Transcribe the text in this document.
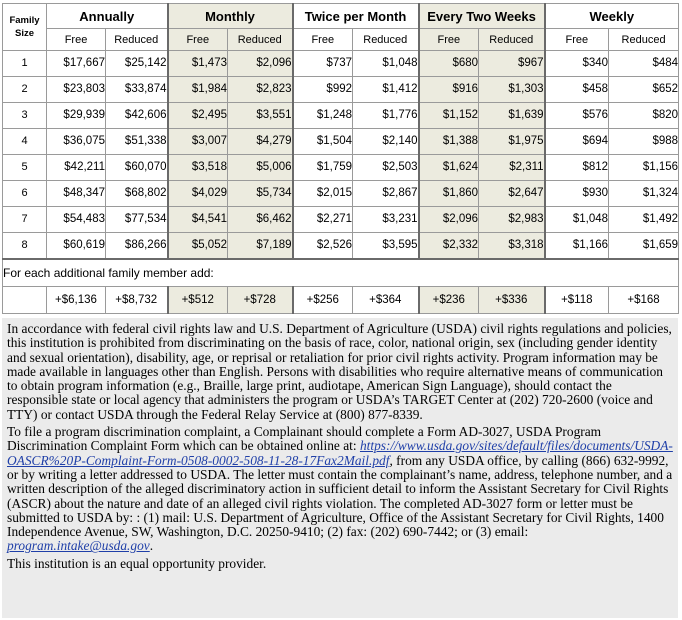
Family
Size	Annually		Monthly		Twice per Month		Every Two Weeks		Weekly	
	Free	Reduced	Free	Reduced	Free	Reduced	Free	Reduced	Free	Reduced
1	$17,667	$25,142	$1,473	$2,096	$737	$1,048	$680	$967	$340	$484
2	$23,803	$33,874	$1,984	$2,823	$992	$1,412	$916	$1,303	$458	$652
3	$29,939	$42,606	$2,495	$3,551	$1,248	$1,776	$1,152	$1,639	$576	$820
4	$36,075	$51,338	$3,007	$4,279	$1,504	$2,140	$1,388	$1,975	$694	$988
5	$42,211	$60,070	$3,518	$5,006	$1,759	$2,503	$1,624	$2,311	$812	$1,156
6	$48,347	$68,802	$4,029	$5,734	$2,015	$2,867	$1,860	$2,647	$930	$1,324
7	$54,483	$77,534	$4,541	$6,462	$2,271	$3,231	$2,096	$2,983	$1,048	$1,492
8	$60,619	$86,266	$5,052	$7,189	$2,526	$3,595	$2,332	$3,318	$1,166	$1,659
For each additional family member add:										
	+$6,136	+$8,732	+$512	+$728	+$256	+$364	+$236	+$336	+$118	+$168

In accordance with federal civil rights law and U.S. Department of Agriculture (USDA) civil rights regulations and policies, this institution is prohibited from discriminating on the basis of race, color, national origin, sex (including gender identity and sexual orientation), disability, age, or reprisal or retaliation for prior civil rights activity. Program information may be made available in languages other than English. Persons with disabilities who require alternative means of communication to obtain program information (e.g., Braille, large print, audiotape, American Sign Language), should contact the responsible state or local agency that administers the program or USDA’s TARGET Center at (202) 720-2600 (voice and TTY) or contact USDA through the Federal Relay Service at (800) 877-8339.

To file a program discrimination complaint, a Complainant should complete a Form AD-3027, USDA Program Discrimination Complaint Form which can be obtained online at: https://www.usda.gov/sites/default/files/documents/USDA-OASCR%20P-Complaint-Form-0508-0002-508-11-28-17Fax2Mail.pdf, from any USDA office, by calling (866) 632-9992, or by writing a letter addressed to USDA. The letter must contain the complainant’s name, address, telephone number, and a written description of the alleged discriminatory action in sufficient detail to inform the Assistant Secretary for Civil Rights (ASCR) about the nature and date of an alleged civil rights violation. The completed AD-3027 form or letter must be submitted to USDA by: : (1) mail: U.S. Department of Agriculture, Office of the Assistant Secretary for Civil Rights, 1400 Independence Avenue, SW, Washington, D.C. 20250-9410; (2) fax: (202) 690-7442; or (3) email: program.intake@usda.gov.

This institution is an equal opportunity provider.
